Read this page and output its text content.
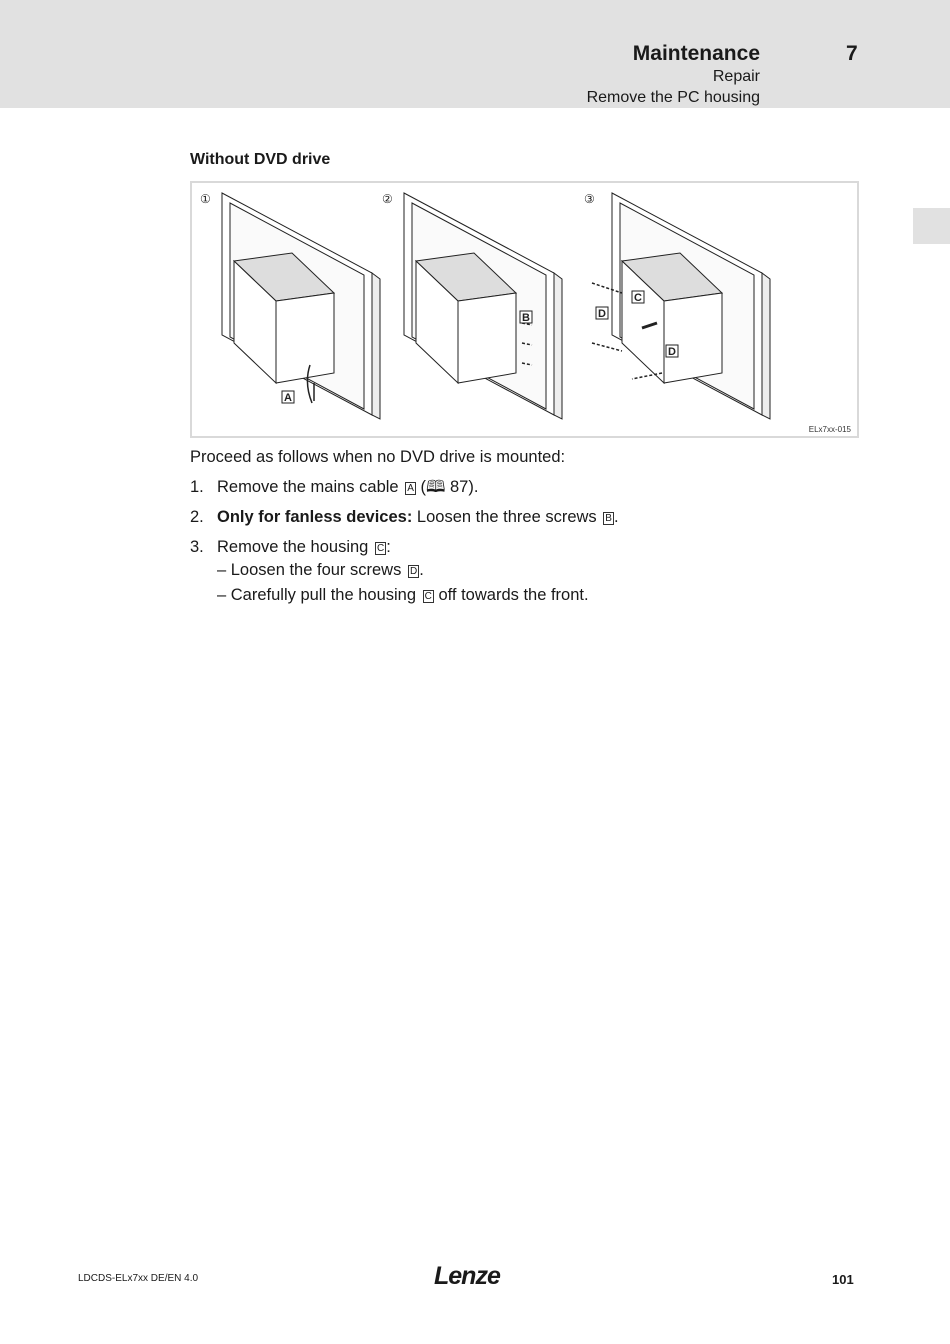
Maintenance	7
Repair
Remove the PC housing
Without DVD drive
①	②	③
A
B
C
D
D
ELx7xx-015
Proceed as follows when no DVD drive is mounted:
1. Remove the mains cable A (🕮 87).
2. Only for fanless devices: Loosen the three screws B .
3. Remove the housing C :
– Loosen the four screws D .
– Carefully pull the housing C off towards the front.
LDCDS-ELx7xx DE/EN 4.0	Lenze	101
